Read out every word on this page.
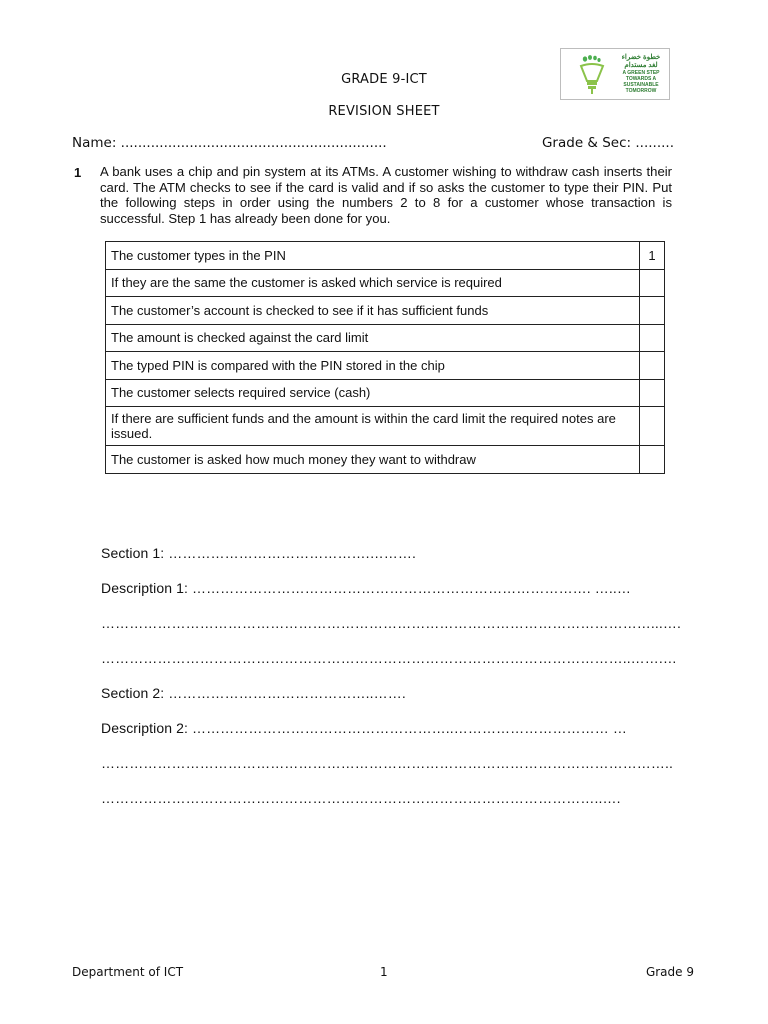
خطوة خضراء
لغد مستدام
A GREEN STEP TOWARDS A SUSTAINABLE TOMORROW
GRADE 9-ICT
REVISION SHEET
Name: ..............................................................	Grade & Sec: .........
1 A bank uses a chip and pin system at its ATMs. A customer wishing to withdraw cash inserts their card. The ATM checks to see if the card is valid and if so asks the customer to type their PIN. Put the following steps in order using the numbers 2 to 8 for a customer whose transaction is successful. Step 1 has already been done for you.
The customer types in the PIN	1
If they are the same the customer is asked which service is required	
The customer’s account is checked to see if it has sufficient funds	
The amount is checked against the card limit	
The typed PIN is compared with the PIN stored in the chip	
The customer selects required service (cash)	
If there are sufficient funds and the amount is within the card limit the required notes are issued.	
The customer is asked how much money they want to withdraw	
Section 1: …………………………………….……….
Description 1: …………………………………………………………………………. …..…
………………………………………………………………………………………………………...….
…………………………………………………………………………………………………..…….…
Section 2: ……………………………………..…….
Description 2: ………………………………………………..…………………………… …
…………………………………………………………………………………………………………..
……………………………………………………………………………………………..….
Department of ICT	1	Grade 9
